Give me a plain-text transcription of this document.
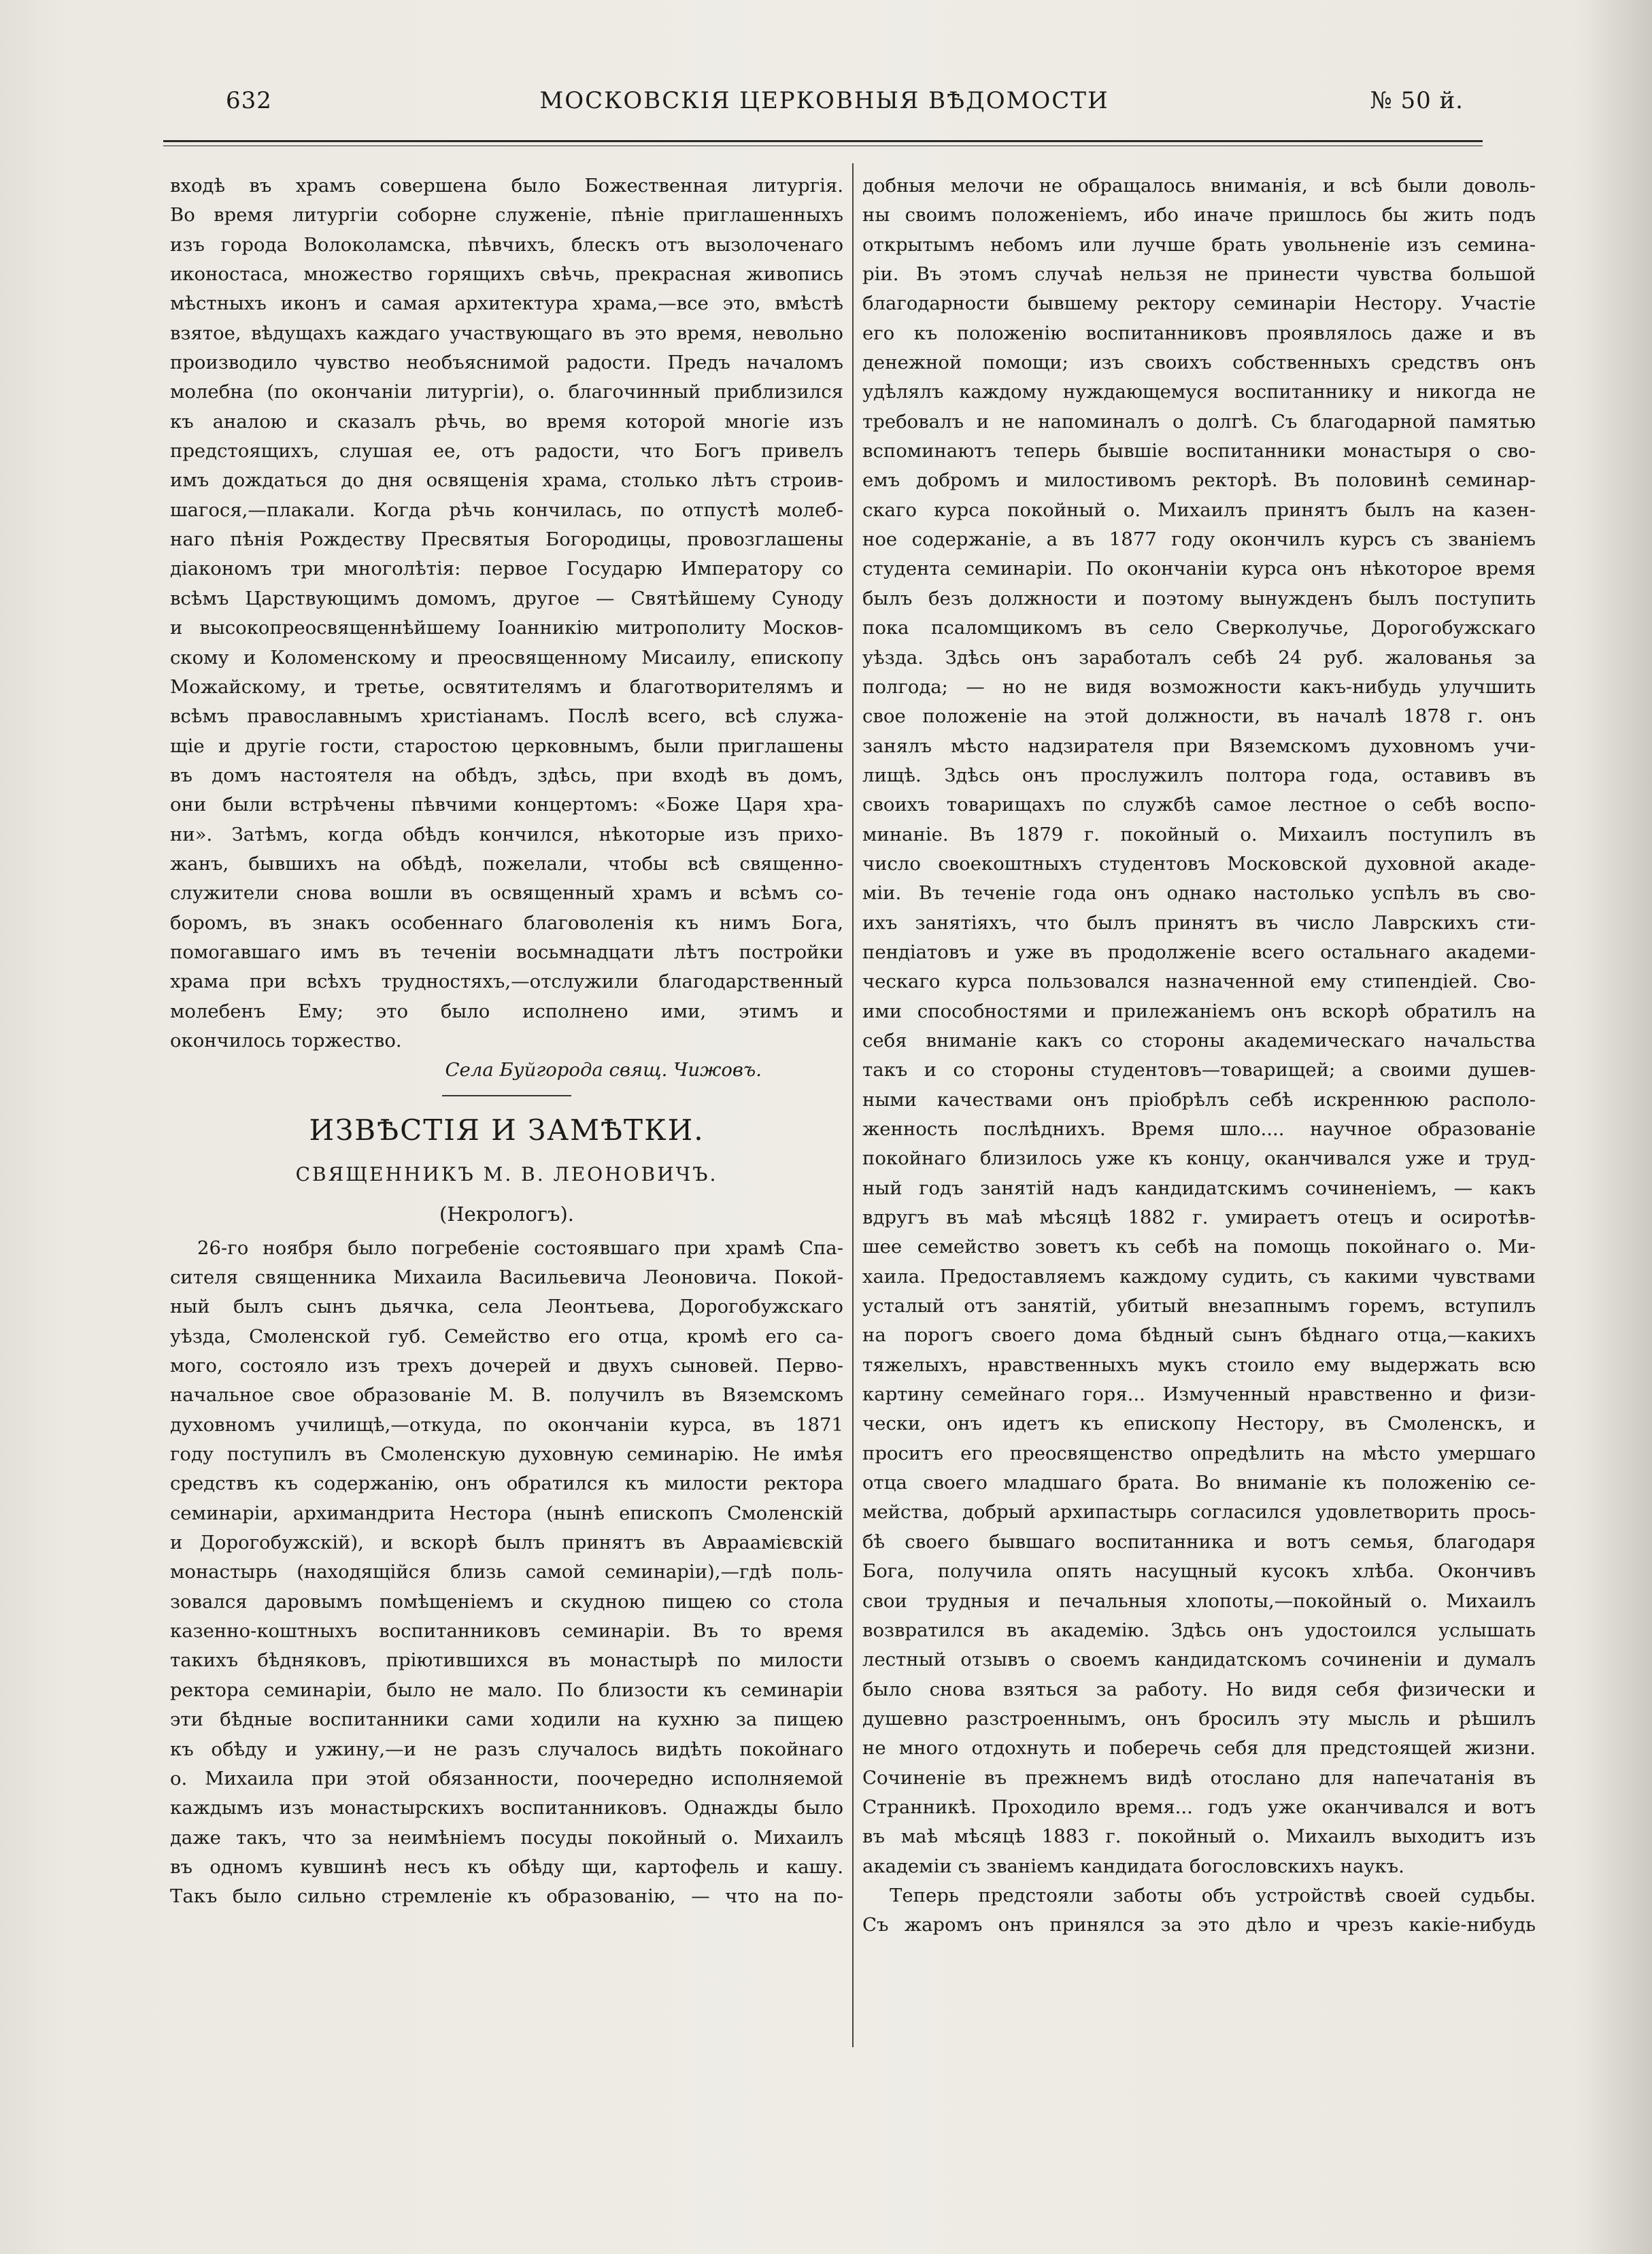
632	МОСКОВСКІЯ ЦЕРКОВНЫЯ ВѢДОМОСТИ	№ 50 й.
входѣ въ храмъ совершена было Божественная литургія.
Во время литургіи соборне служеніе, пѣніе приглашенныхъ
изъ города Волоколамска, пѣвчихъ, блескъ отъ вызолоченаго
иконостаса, множество горящихъ свѣчь, прекрасная живопись
мѣстныхъ иконъ и самая архитектура храма,—все это, вмѣстѣ
взятое, вѣдущахъ каждаго участвующаго въ это время, невольно
производило чувство необъяснимой радости. Предъ началомъ
молебна (по окончаніи литургіи), о. благочинный приблизился
къ аналою и сказалъ рѣчь, во время которой многіе изъ
предстоящихъ, слушая ее, отъ радости, что Богъ привелъ
имъ дождаться до дня освященія храма, столько лѣтъ строив-
шагося,—плакали. Когда рѣчь кончилась, по отпустѣ молеб-
наго пѣнія Рождеству Пресвятыя Богородицы, провозглашены
діакономъ три многолѣтія: первое Государю Императору со
всѣмъ Царствующимъ домомъ, другое — Святѣйшему Суноду
и высокопреосвященнѣйшему Іоанникію митрополиту Москов-
скому и Коломенскому и преосвященному Мисаилу, епископу
Можайскому, и третье, освятителямъ и благотворителямъ и
всѣмъ православнымъ христіанамъ. Послѣ всего, всѣ служа-
щіе и другіе гости, старостою церковнымъ, были приглашены
въ домъ настоятеля на обѣдъ, здѣсь, при входѣ въ домъ,
они были встрѣчены пѣвчими концертомъ: «Боже Царя хра-
ни». Затѣмъ, когда обѣдъ кончился, нѣкоторые изъ прихо-
жанъ, бывшихъ на обѣдѣ, пожелали, чтобы всѣ священно-
служители снова вошли въ освященный храмъ и всѣмъ со-
боромъ, въ знакъ особеннаго благоволенія къ нимъ Бога,
помогавшаго имъ въ теченіи восьмнадцати лѣтъ постройки
храма при всѣхъ трудностяхъ,—отслужили благодарственный
молебенъ Ему; это было исполнено ими, этимъ и
окончилось торжество.
Села Буйгорода свящ. Чижовъ.
ИЗВѢСТІЯ И ЗАМѢТКИ.
СВЯЩЕННИКЪ М. В. ЛЕОНОВИЧЪ.
(Некрологъ).
26-го ноября было погребеніе состоявшаго при храмѣ Спа-
сителя священника Михаила Васильевича Леоновича. Покой-
ный былъ сынъ дьячка, села Леонтьева, Дорогобужскаго
уѣзда, Смоленской губ. Семейство его отца, кромѣ его са-
мого, состояло изъ трехъ дочерей и двухъ сыновей. Перво-
начальное свое образованіе М. В. получилъ въ Вяземскомъ
духовномъ училищѣ,—откуда, по окончаніи курса, въ 1871
году поступилъ въ Смоленскую духовную семинарію. Не имѣя
средствъ къ содержанію, онъ обратился къ милости ректора
семинаріи, архимандрита Нестора (нынѣ епископъ Смоленскій
и Дорогобужскій), и вскорѣ былъ принятъ въ Авраамієвскій
монастырь (находящійся близь самой семинаріи),—гдѣ поль-
зовался даровымъ помѣщеніемъ и скудною пищею со стола
казенно-коштныхъ воспитанниковъ семинаріи. Въ то время
такихъ бѣдняковъ, пріютившихся въ монастырѣ по милости
ректора семинаріи, было не мало. По близости къ семинаріи
эти бѣдные воспитанники сами ходили на кухню за пищею
къ обѣду и ужину,—и не разъ случалось видѣть покойнаго
о. Михаила при этой обязанности, поочередно исполняемой
каждымъ изъ монастырскихъ воспитанниковъ. Однажды было
даже такъ, что за неимѣніемъ посуды покойный о. Михаилъ
въ одномъ кувшинѣ несъ къ обѣду щи, картофель и кашу.
Такъ было сильно стремленіе къ образованію, — что на по-
добныя мелочи не обращалось вниманія, и всѣ были доволь-
ны своимъ положеніемъ, ибо иначе пришлось бы жить подъ
открытымъ небомъ или лучше брать увольненіе изъ семина-
ріи. Въ этомъ случаѣ нельзя не принести чувства большой
благодарности бывшему ректору семинаріи Нестору. Участіе
его къ положенію воспитанниковъ проявлялось даже и въ
денежной помощи; изъ своихъ собственныхъ средствъ онъ
удѣлялъ каждому нуждающемуся воспитаннику и никогда не
требовалъ и не напоминалъ о долгѣ. Съ благодарной памятью
вспоминаютъ теперь бывшіе воспитанники монастыря о сво-
емъ добромъ и милостивомъ ректорѣ. Въ половинѣ семинар-
скаго курса покойный о. Михаилъ принятъ былъ на казен-
ное содержаніе, а въ 1877 году окончилъ курсъ съ званіемъ
студента семинаріи. По окончаніи курса онъ нѣкоторое время
былъ безъ должности и поэтому вынужденъ былъ поступить
пока псаломщикомъ въ село Сверколучье, Дорогобужскаго
уѣзда. Здѣсь онъ заработалъ себѣ 24 руб. жалованья за
полгода; — но не видя возможности какъ-нибудь улучшить
свое положеніе на этой должности, въ началѣ 1878 г. онъ
занялъ мѣсто надзирателя при Вяземскомъ духовномъ учи-
лищѣ. Здѣсь онъ прослужилъ полтора года, оставивъ въ
своихъ товарищахъ по службѣ самое лестное о себѣ воспо-
минаніе. Въ 1879 г. покойный о. Михаилъ поступилъ въ
число своекоштныхъ студентовъ Московской духовной акаде-
міи. Въ теченіе года онъ однако настолько успѣлъ въ сво-
ихъ занятіяхъ, что былъ принятъ въ число Лаврскихъ сти-
пендіатовъ и уже въ продолженіе всего остальнаго академи-
ческаго курса пользовался назначенной ему стипендіей. Сво-
ими способностями и прилежаніемъ онъ вскорѣ обратилъ на
себя вниманіе какъ со стороны академическаго начальства
такъ и со стороны студентовъ—товарищей; а своими душев-
ными качествами онъ пріобрѣлъ себѣ искреннюю располо-
женность послѣднихъ. Время шло.... научное образованіе
покойнаго близилось уже къ концу, оканчивался уже и труд-
ный годъ занятій надъ кандидатскимъ сочиненіемъ, — какъ
вдругъ въ маѣ мѣсяцѣ 1882 г. умираетъ отецъ и осиротѣв-
шее семейство зоветъ къ себѣ на помощь покойнаго о. Ми-
хаила. Предоставляемъ каждому судить, съ какими чувствами
усталый отъ занятій, убитый внезапнымъ горемъ, вступилъ
на порогъ своего дома бѣдный сынъ бѣднаго отца,—какихъ
тяжелыхъ, нравственныхъ мукъ стоило ему выдержать всю
картину семейнаго горя... Измученный нравственно и физи-
чески, онъ идетъ къ епископу Нестору, въ Смоленскъ, и
проситъ его преосвященство опредѣлить на мѣсто умершаго
отца своего младшаго брата. Во вниманіе къ положенію се-
мейства, добрый архипастырь согласился удовлетворить прось-
бѣ своего бывшаго воспитанника и вотъ семья, благодаря
Бога, получила опять насущный кусокъ хлѣба. Окончивъ
свои трудныя и печальныя хлопоты,—покойный о. Михаилъ
возвратился въ академію. Здѣсь онъ удостоился услышать
лестный отзывъ о своемъ кандидатскомъ сочиненіи и думалъ
было снова взяться за работу. Но видя себя физически и
душевно разстроеннымъ, онъ бросилъ эту мысль и рѣшилъ
не много отдохнуть и поберечь себя для предстоящей жизни.
Сочиненіе въ прежнемъ видѣ отослано для напечатанія въ
Странникѣ. Проходило время... годъ уже оканчивался и вотъ
въ маѣ мѣсяцѣ 1883 г. покойный о. Михаилъ выходитъ изъ
академіи съ званіемъ кандидата богословскихъ наукъ.
Теперь предстояли заботы объ устройствѣ своей судьбы.
Съ жаромъ онъ принялся за это дѣло и чрезъ какіе-нибудь
